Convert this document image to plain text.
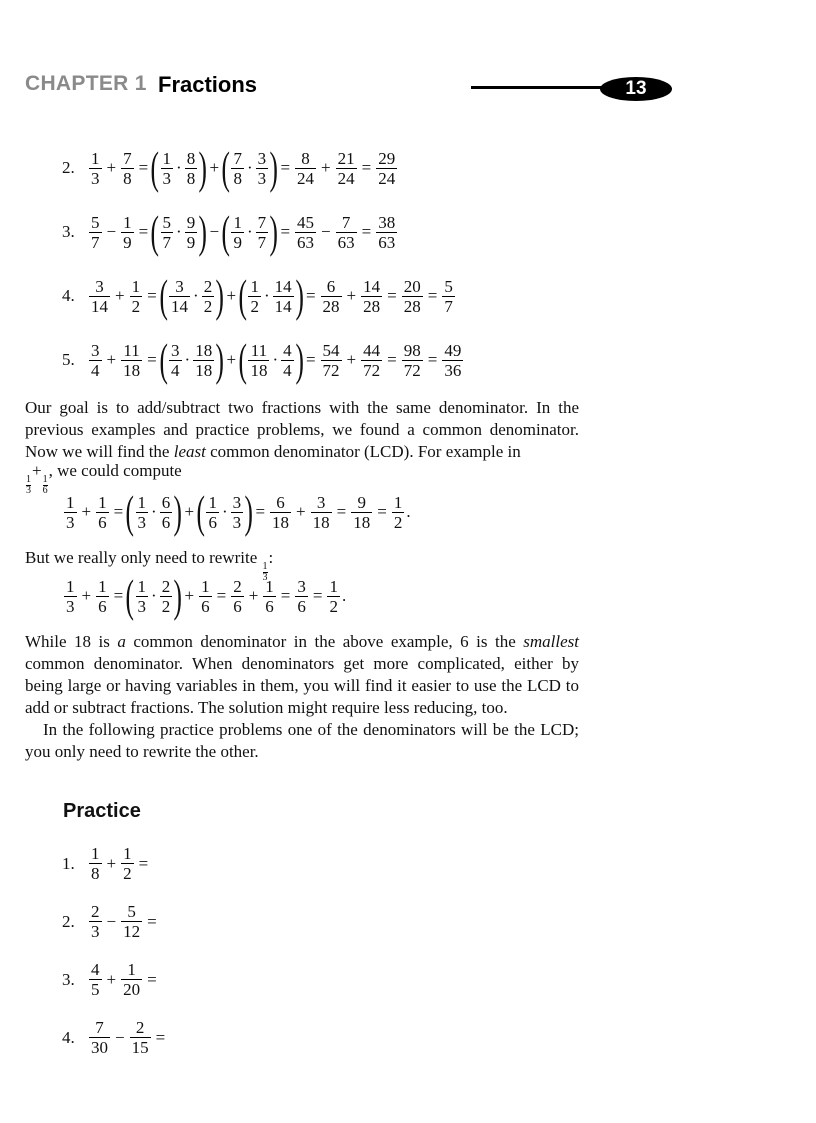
CHAPTER 1 Fractions	13
2. $\frac{1}{3} + \frac{7}{8}$ = ( $\frac{1}{3} \cdot \frac{8}{8}$ ) + ( $\frac{7}{8} \cdot \frac{3}{3}$ ) = $\frac{8}{24} + \frac{21}{24} = \frac{29}{24}$
3. $\frac{5}{7} - \frac{1}{9}$ = ( $\frac{5}{7} \cdot \frac{9}{9}$ ) − ( $\frac{1}{9} \cdot \frac{7}{7}$ ) = $\frac{45}{63} - \frac{7}{63} = \frac{38}{63}$
4. $\frac{3}{14} + \frac{1}{2}$ = ( $\frac{3}{14} \cdot \frac{2}{2}$ ) + ( $\frac{1}{2} \cdot \frac{14}{14}$ ) = $\frac{6}{28} + \frac{14}{28} = \frac{20}{28} = \frac{5}{7}$
5. $\frac{3}{4} + \frac{11}{18}$ = ( $\frac{3}{4} \cdot \frac{18}{18}$ ) + ( $\frac{11}{18} \cdot \frac{4}{4}$ ) = $\frac{54}{72} + \frac{44}{72} = \frac{98}{72} = \frac{49}{36}$
Our goal is to add/subtract two fractions with the same denominator. In the previous examples and practice problems, we found a common denominator. Now we will find the least common denominator (LCD). For example in
$\frac{1}{3}$
+
$\frac{1}{6}$
, we could compute
$\frac{1}{3} + \frac{1}{6}$ = ( $\frac{1}{3} \cdot \frac{6}{6}$ ) + ( $\frac{1}{6} \cdot \frac{3}{3}$ ) = $\frac{6}{18} + \frac{3}{18} = \frac{9}{18} = \frac{1}{2}$ .
But we really only need to rewrite
$\frac{1}{3}$
:
$\frac{1}{3} + \frac{1}{6}$ = ( $\frac{1}{3} \cdot \frac{2}{2}$ ) + $\frac{1}{6} = \frac{2}{6} + \frac{1}{6} = \frac{3}{6} = \frac{1}{2}$ .
While 18 is a common denominator in the above example, 6 is the smallest common denominator. When denominators get more complicated, either by being large or having variables in them, you will find it easier to use the LCD to add or subtract fractions. The solution might require less reducing, too.
In the following practice problems one of the denominators will be the LCD; you only need to rewrite the other.
Practice
1. $\frac{1}{8} + \frac{1}{2}$ =
2. $\frac{2}{3} - \frac{5}{12}$ =
3. $\frac{4}{5} + \frac{1}{20}$ =
4. $\frac{7}{30} - \frac{2}{15}$ =
